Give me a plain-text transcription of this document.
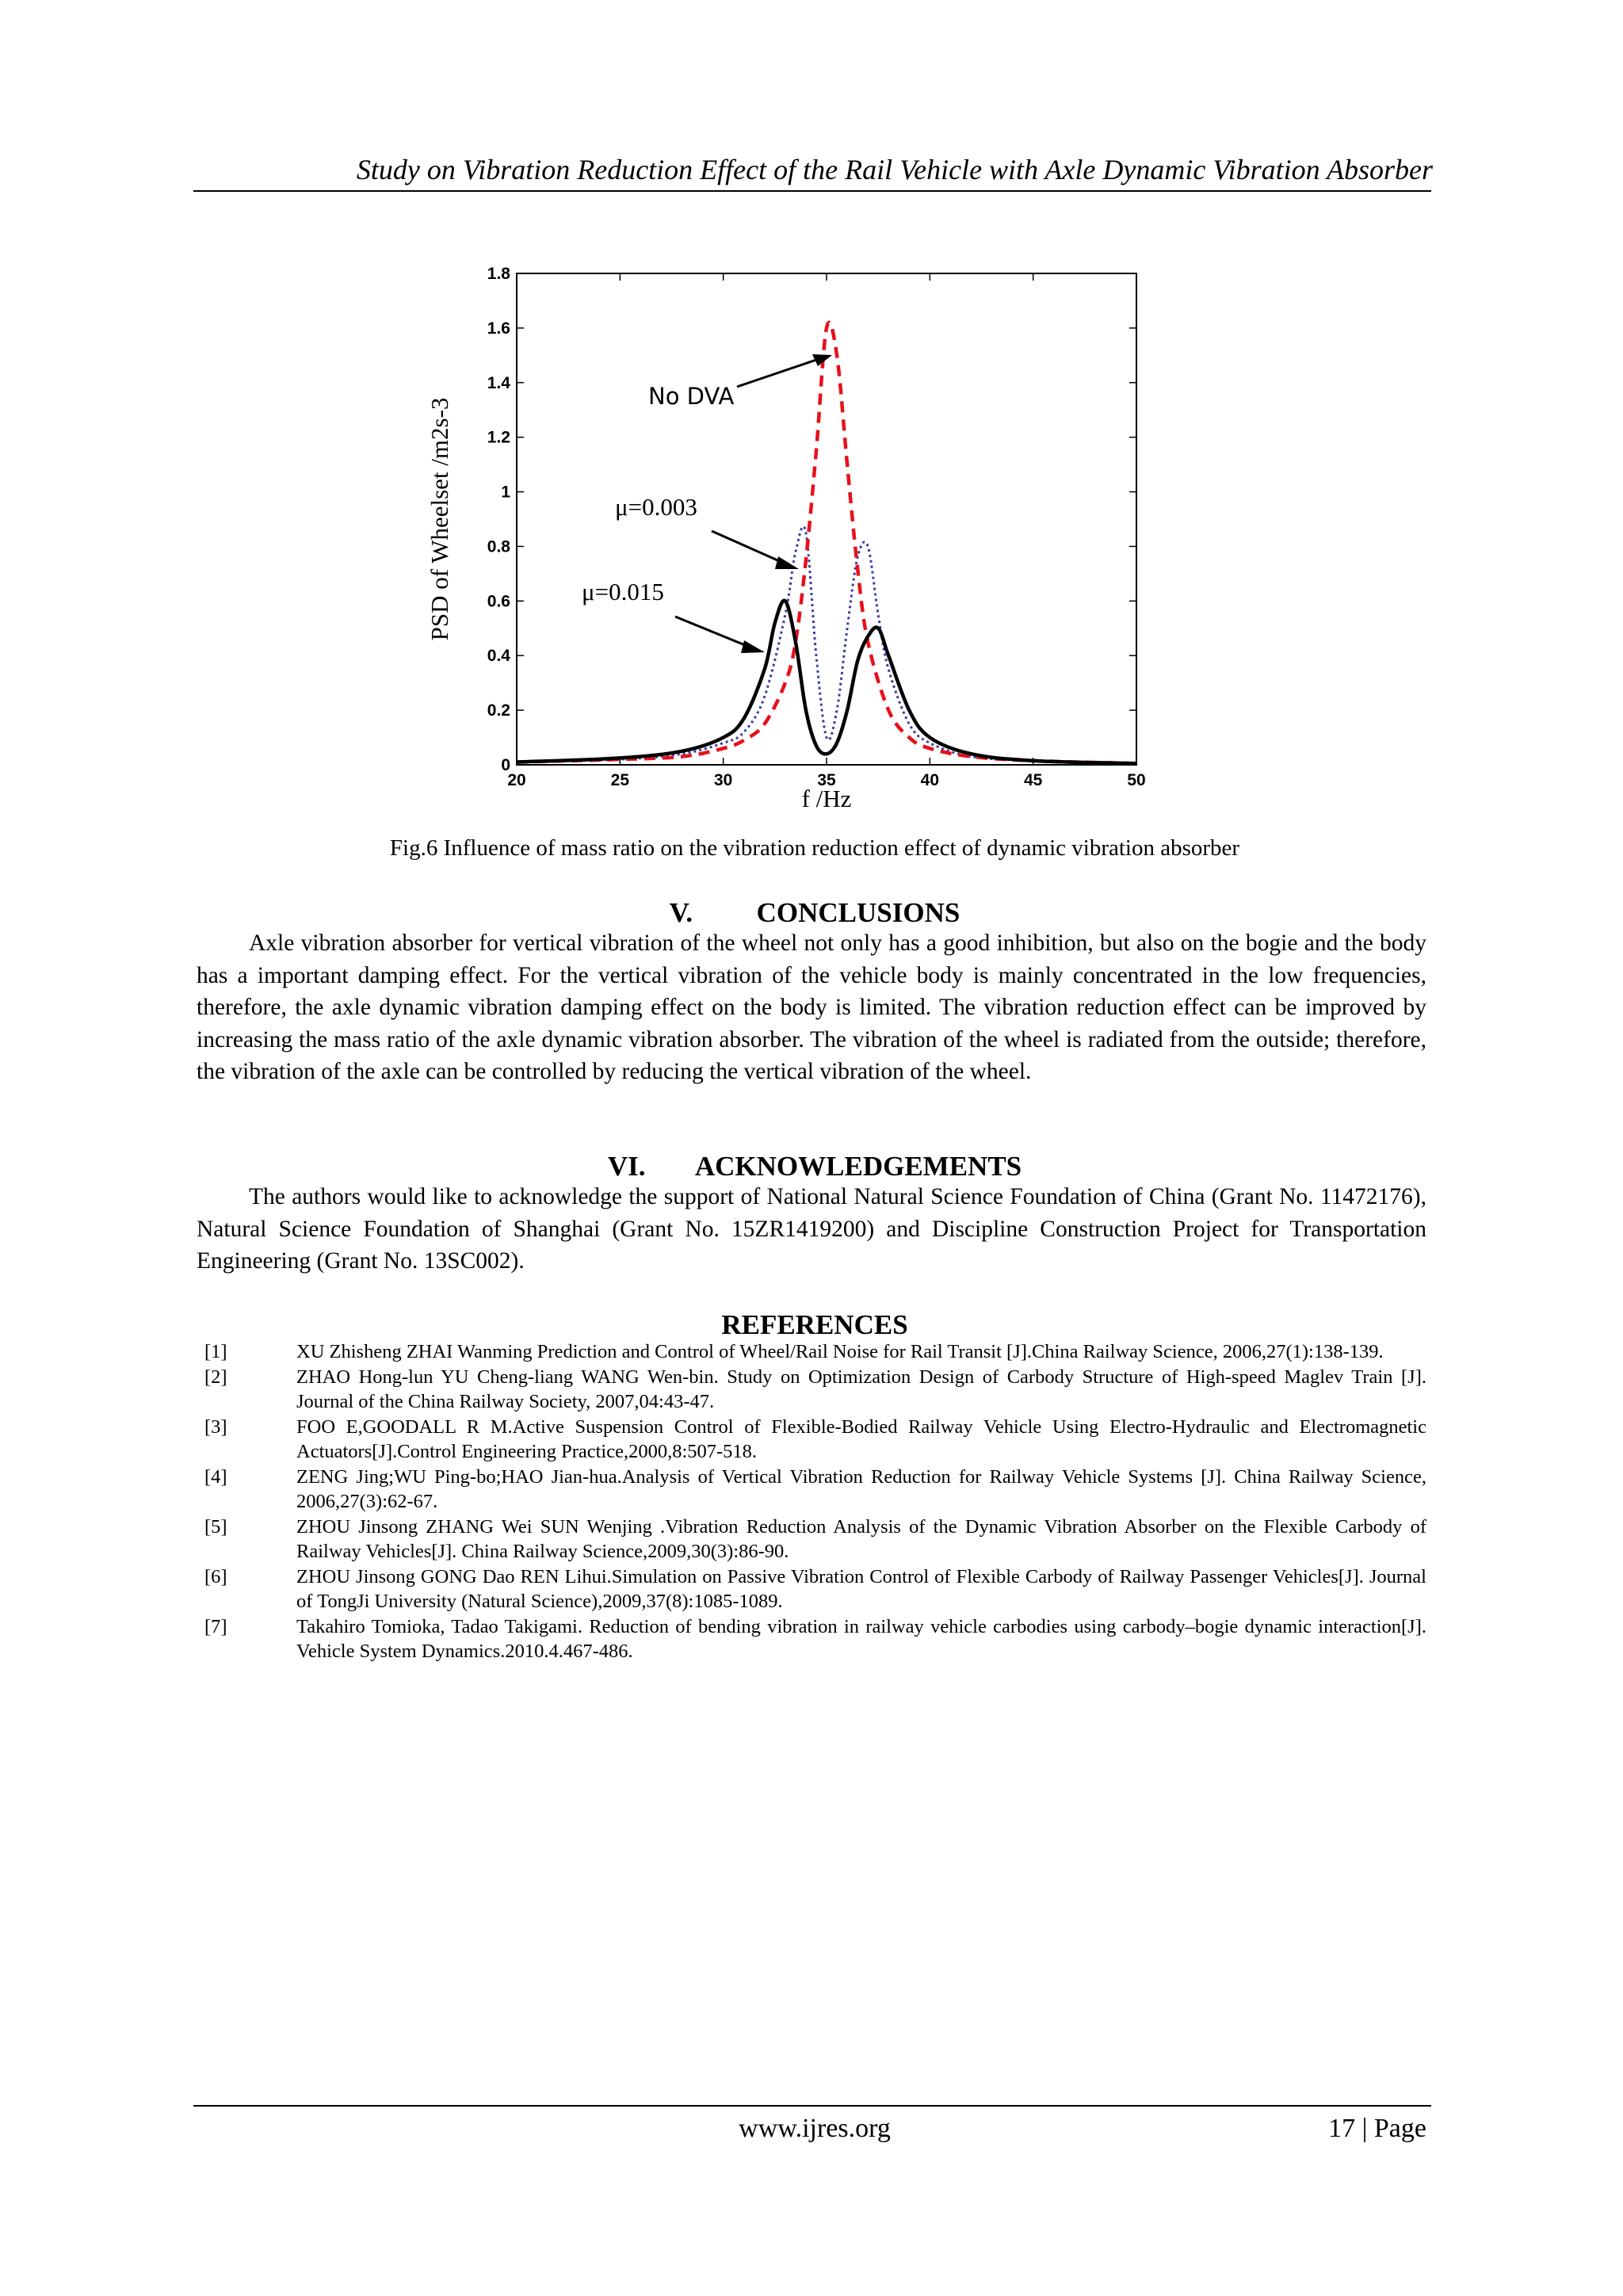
Study on Vibration Reduction Effect of the Rail Vehicle with Axle Dynamic Vibration Absorber
20	25	30	35	40	45	50
0
0.2
0.4
0.6
0.8
1
1.2
1.4
1.6
1.8
f /Hz
PSD of Wheelset /m2s-3
No DVA
μ=0.003
μ=0.015
Fig.6 Influence of mass ratio on the vibration reduction effect of dynamic vibration absorber
V. CONCLUSIONS

Axle vibration absorber for vertical vibration of the wheel not only has a good inhibition, but also on the bogie and the body has a important damping effect. For the vertical vibration of the vehicle body is mainly concentrated in the low frequencies, therefore, the axle dynamic vibration damping effect on the body is limited. The vibration reduction effect can be improved by increasing the mass ratio of the axle dynamic vibration absorber. The vibration of the wheel is radiated from the outside; therefore, the vibration of the axle can be controlled by reducing the vertical vibration of the wheel.

VI. ACKNOWLEDGEMENTS

The authors would like to acknowledge the support of National Natural Science Foundation of China (Grant No. 11472176), Natural Science Foundation of Shanghai (Grant No. 15ZR1419200) and Discipline Construction Project for Transportation Engineering (Grant No. 13SC002).

REFERENCES
[1]	XU Zhisheng ZHAI Wanming Prediction and Control of Wheel/Rail Noise for Rail Transit [J].China Railway Science, 2006,27(1):138-139.
[2]	ZHAO Hong-lun YU Cheng-liang WANG Wen-bin. Study on Optimization Design of Carbody Structure of High-speed Maglev Train [J]. Journal of the China Railway Society, 2007,04:43-47.
[3]	FOO E,GOODALL R M.Active Suspension Control of Flexible-Bodied Railway Vehicle Using Electro-Hydraulic and Electromagnetic Actuators[J].Control Engineering Practice,2000,8:507-518.
[4]	ZENG Jing;WU Ping-bo;HAO Jian-hua.Analysis of Vertical Vibration Reduction for Railway Vehicle Systems [J]. China Railway Science, 2006,27(3):62-67.
[5]	ZHOU Jinsong ZHANG Wei SUN Wenjing .Vibration Reduction Analysis of the Dynamic Vibration Absorber on the Flexible Carbody of Railway Vehicles[J]. China Railway Science,2009,30(3):86-90.
[6]	ZHOU Jinsong GONG Dao REN Lihui.Simulation on Passive Vibration Control of Flexible Carbody of Railway Passenger Vehicles[J]. Journal of TongJi University (Natural Science),2009,37(8):1085-1089.
[7]	Takahiro Tomioka, Tadao Takigami. Reduction of bending vibration in railway vehicle carbodies using carbody–bogie dynamic interaction[J]. Vehicle System Dynamics.2010.4.467-486.
www.ijres.org	17 | Page
